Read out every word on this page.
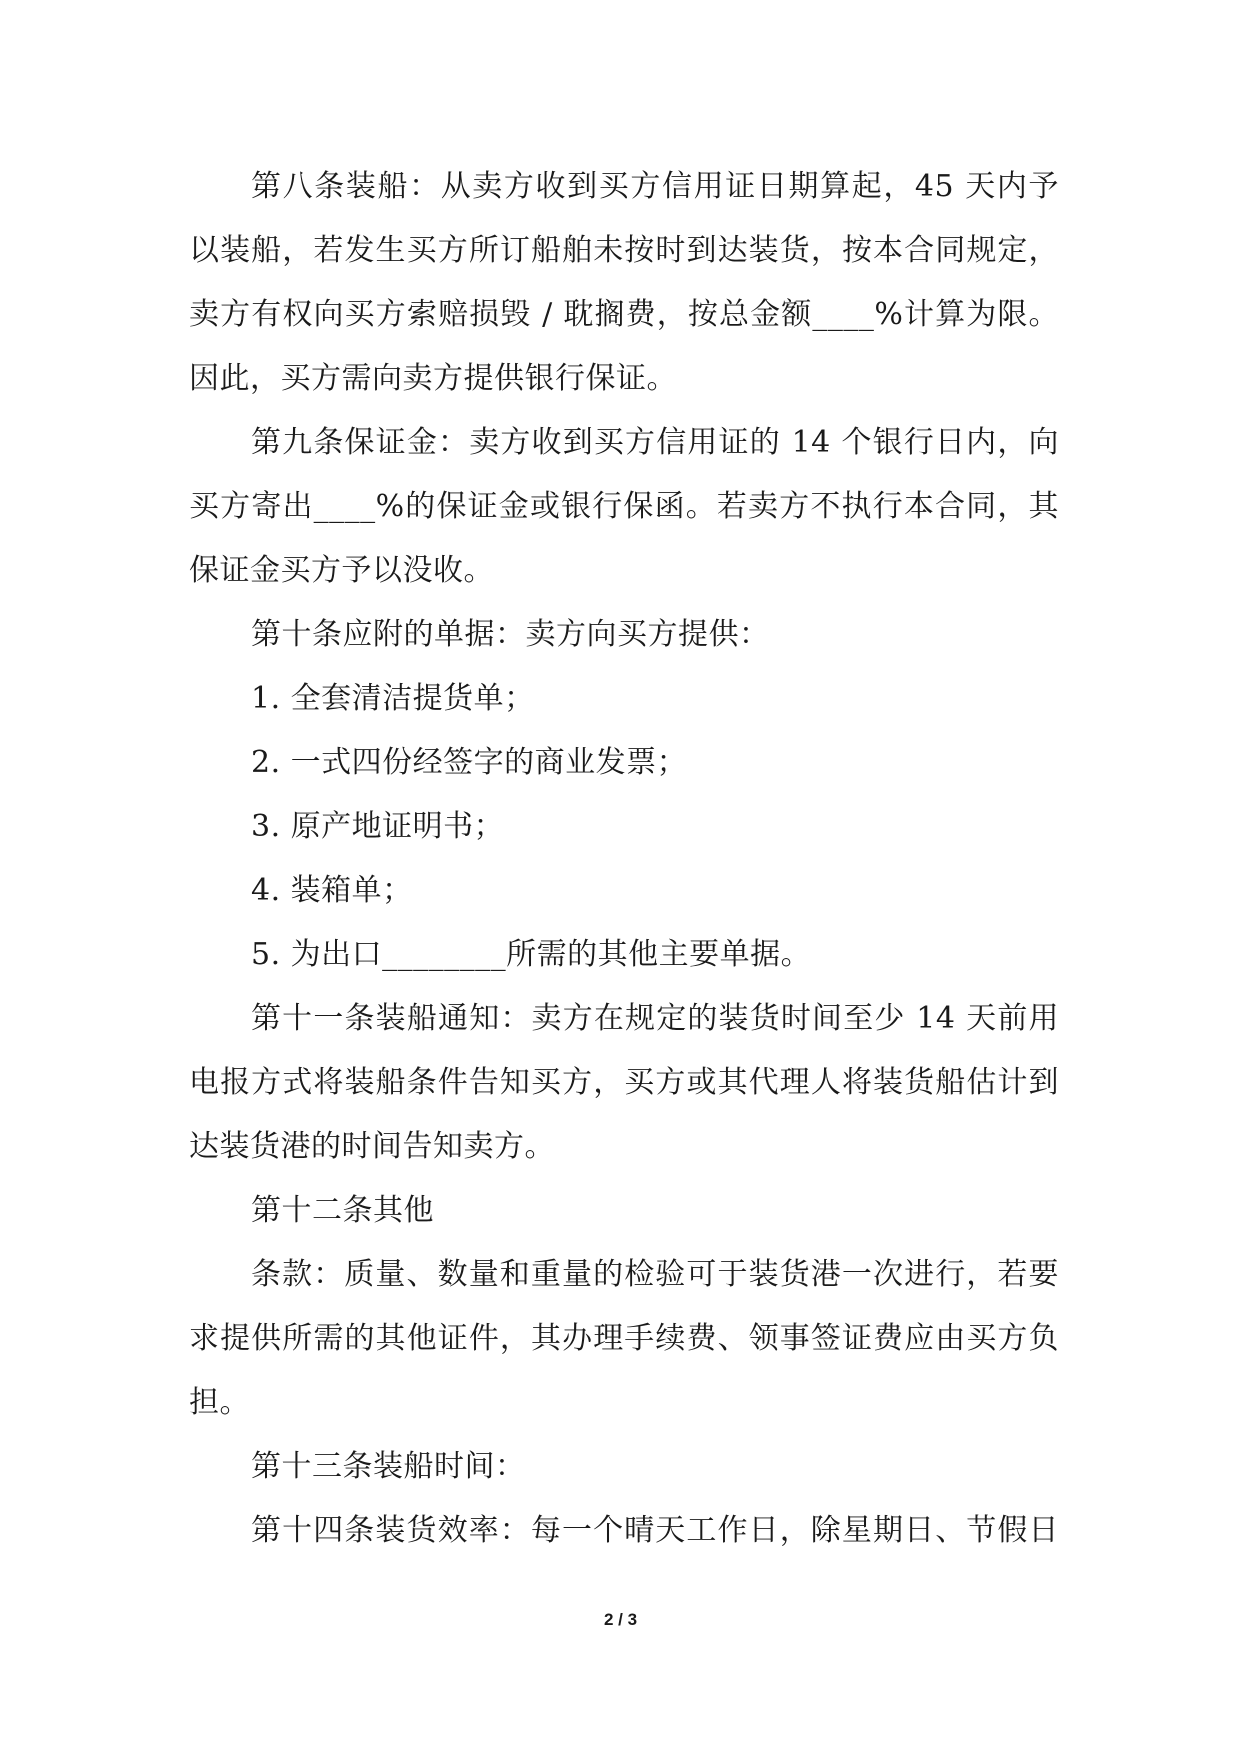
第八条装船：从卖方收到买方信用证日期算起，45 天内予
以装船，若发生买方所订船舶未按时到达装货，按本合同规定，
卖方有权向买方索赔损毁 / 耽搁费，按总金额____%计算为限。
因此，买方需向卖方提供银行保证。
第九条保证金：卖方收到买方信用证的 14 个银行日内，向
买方寄出____%的保证金或银行保函。若卖方不执行本合同，其
保证金买方予以没收。
第十条应附的单据：卖方向买方提供：
1. 全套清洁提货单；
2. 一式四份经签字的商业发票；
3. 原产地证明书；
4. 装箱单；
5. 为出口________所需的其他主要单据。
第十一条装船通知：卖方在规定的装货时间至少 14 天前用
电报方式将装船条件告知买方，买方或其代理人将装货船估计到
达装货港的时间告知卖方。
第十二条其他
条款：质量、数量和重量的检验可于装货港一次进行，若要
求提供所需的其他证件，其办理手续费、领事签证费应由买方负
担。
第十三条装船时间：
第十四条装货效率：每一个晴天工作日，除星期日、节假日
2 / 3
